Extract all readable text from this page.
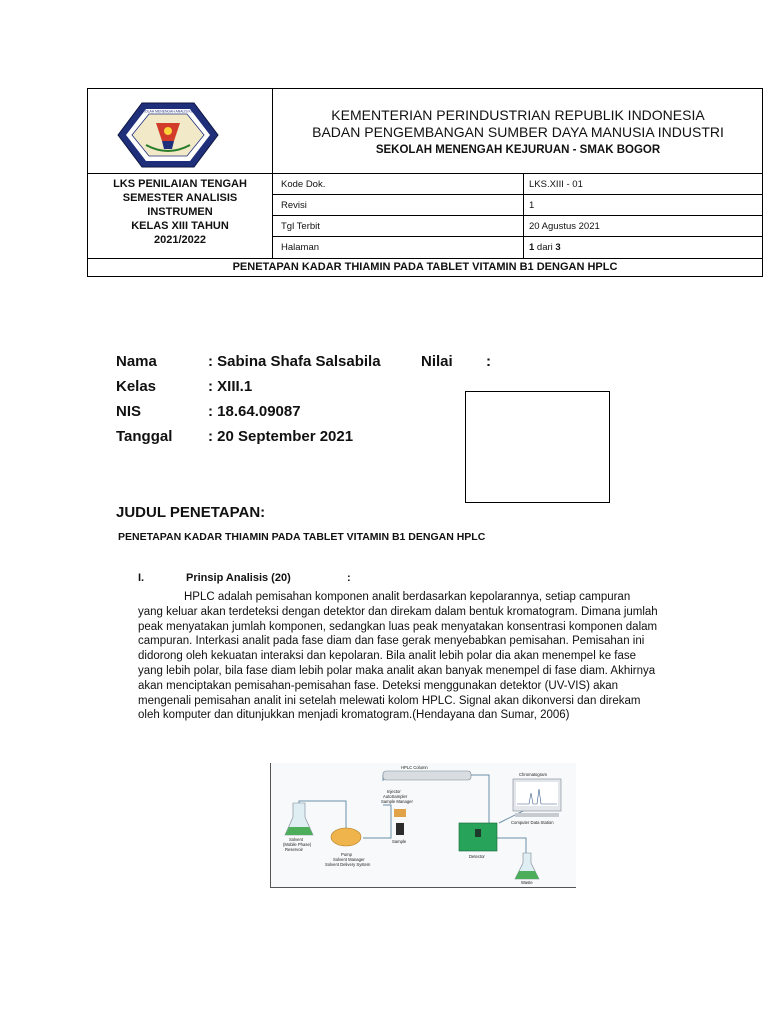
BOGOR
SEKOLAH MENENGAH ANALIS KIMIA	KEMENTERIAN PERINDUSTRIAN REPUBLIK INDONESIA
BADAN PENGEMBANGAN SUMBER DAYA MANUSIA INDUSTRI
SEKOLAH MENENGAH KEJURUAN - SMAK BOGOR
LKS PENILAIAN TENGAH
SEMESTER ANALISIS
INSTRUMEN
KELAS XIII TAHUN
2021/2022
Kode Dok.	LKS.XIII - 01
Revisi	1
Tgl Terbit	20 Agustus 2021
Halaman	1 dari 3
PENETAPAN KADAR THIAMIN PADA TABLET VITAMIN B1 DENGAN HPLC
Nama	: Sabina Shafa Salsabila	Nilai :
Kelas	: XIII.1
NIS	: 18.64.09087
Tanggal : 20 September 2021
JUDUL PENETAPAN:
PENETAPAN KADAR THIAMIN PADA TABLET VITAMIN B1 DENGAN HPLC
I.	Prinsip Analisis (20)	:
HPLC adalah pemisahan komponen analit berdasarkan kepolarannya, setiap campuran yang keluar akan terdeteksi dengan detektor dan direkam dalam bentuk kromatogram. Dimana jumlah peak menyatakan jumlah komponen, sedangkan luas peak menyatakan konsentrasi komponen dalam campuran. Interkasi analit pada fase diam dan fase gerak menyebabkan pemisahan. Pemisahan ini didorong oleh kekuatan interaksi dan kepolaran. Bila analit lebih polar dia akan menempel ke fase yang lebih polar, bila fase diam lebih polar maka analit akan banyak menempel di fase diam. Akhirnya akan menciptakan pemisahan-pemisahan fase. Deteksi menggunakan detektor (UV-VIS) akan mengenali pemisahan analit ini setelah melewati kolom HPLC. Signal akan dikonversi dan direkam oleh komputer dan ditunjukkan menjadi kromatogram.(Hendayana dan Sumar, 2006)
HPLC Column
Chromatogram
Computer Data Station
Injector
AutoSampler
Sample Manager
Sample
Pump
Solvent Manager
Solvent Delivery System
Solvent
(Mobile Phase)
Reservoir
Detector
Waste
